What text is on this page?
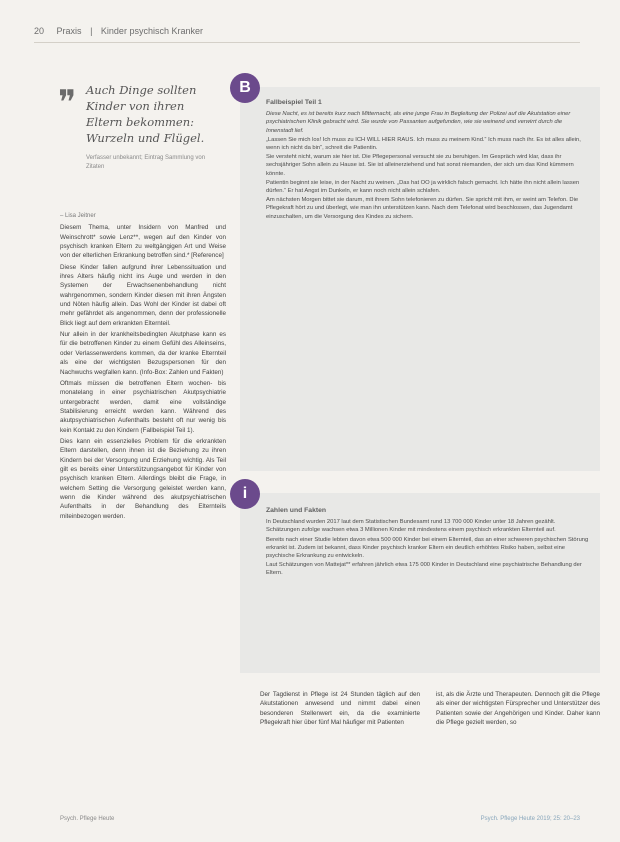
20 Praxis | Kinder psychisch Kranker
❞ Auch Dinge sollten Kinder von ihren Eltern bekommen: Wurzeln und Flügel.
Verfasser unbekannt; Eintrag Sammlung von Zitaten

– Lisa Jeitner

Diesem Thema, unter Insidern von Manfred und Weinschrott* sowie Lenz**, wegen auf den Kinder von psychisch kranken Eltern zu weltgängigen Art und Weise von der elterlichen Erkrankung betroffen sind.* [Reference]

Diese Kinder fallen aufgrund ihrer Lebenssituation und ihres Alters häufig nicht ins Auge und werden in den Systemen der Erwachsenenbehandlung nicht wahrgenommen, sondern Kinder diesen mit ihren Ängsten und Nöten häufig allein. Das Wohl der Kinder ist dabei oft mehr gefährdet als angenommen, denn der professionelle Blick liegt auf dem erkrankten Elternteil.

Nur allein in der krankheitsbedingten Akutphase kann es für die betroffenen Kinder zu einem Gefühl des Alleinseins, oder Verlassenwerdens kommen, da der kranke Elternteil als eine der wichtigsten Bezugspersonen für den Nachwuchs wegfallen kann. (Info-Box: Zahlen und Fakten)

Oftmals müssen die betroffenen Eltern wochen- bis monatelang in einer psychiatrischen Akutpsychiatrie untergebracht werden, damit eine vollständige Stabilisierung erreicht werden kann. Während des akutpsychiatrischen Aufenthalts besteht oft nur wenig bis kein Kontakt zu den Kindern (Fallbeispiel Teil 1).

Dies kann ein essenzielles Problem für die erkrankten Eltern darstellen, denn ihnen ist die Beziehung zu ihren Kindern bei der Versorgung und Erziehung wichtig. Als Teil gilt es bereits einer Unterstützungsangebot für Kinder von psychisch kranken Eltern. Allerdings bleibt die Frage, in welchem Setting die Versorgung geleistet werden kann, wenn die Kinder während des akutpsychiatrischen Aufenthalts in der Behandlung des Elternteils miteinbezogen werden.

B
Fallbeispiel Teil 1

Diese Nacht, es ist bereits kurz nach Mitternacht, als eine junge Frau in Begleitung der Polizei auf die Akutstation einer psychiatrischen Klinik gebracht wird. Sie wurde von Passanten aufgefunden, wie sie weinend und verwirrt durch die Innenstadt lief.

„Lassen Sie mich los! Ich muss zu ICH WILL HIER RAUS. Ich muss zu meinem Kind.“ Ich muss nach ihr. Es ist alles allein, wenn ich nicht da bin“, schreit die Patientin.

Sie versteht nicht, warum sie hier ist. Die Pflegepersonal versucht sie zu beruhigen. Im Gespräch wird klar, dass ihr sechsjähriger Sohn allein zu Hause ist. Sie ist alleinerziehend und hat sonst niemanden, der sich um das Kind kümmern könnte.

Patientin beginnt sie leise, in der Nacht zu weinen. „Das hat OO ja wirklich falsch gemacht. Ich hätte ihn nicht allein lassen dürfen.“ Er hat Angst im Dunkeln, er kann noch nicht allein schlafen.

Am nächsten Morgen bittet sie darum, mit ihrem Sohn telefonieren zu dürfen. Sie spricht mit ihm, er weint am Telefon. Die Pflegekraft hört zu und überlegt, wie man ihn unterstützen kann. Nach dem Telefonat wird beschlossen, das Jugendamt einzuschalten, um die Versorgung des Kindes zu sichern.

i
Zahlen und Fakten

In Deutschland wurden 2017 laut dem Statistischen Bundesamt rund 13 700 000 Kinder unter 18 Jahren gezählt. Schätzungen zufolge wachsen etwa 3 Millionen Kinder mit mindestens einem psychisch erkrankten Elternteil auf.

Bereits nach einer Studie lebten davon etwa 500 000 Kinder bei einem Elternteil, das an einer schweren psychischen Störung erkrankt ist. Zudem ist bekannt, dass Kinder psychisch kranker Eltern ein deutlich erhöhtes Risiko haben, selbst eine psychische Erkrankung zu entwickeln.

Laut Schätzungen von Mattejat** erfahren jährlich etwa 175 000 Kinder in Deutschland eine psychiatrische Behandlung der Eltern.

Der Tagdienst in Pflege ist 24 Stunden täglich auf den Akutstationen anwesend und nimmt dabei einen besonderen Stellenwert ein, da die examinierte Pflegekraft hier über fünf Mal häufiger mit Patienten
ist, als die Ärzte und Therapeuten. Dennoch gilt die Pflege als einer der wichtigsten Fürsprecher und Unterstützer des Patienten sowie der Angehörigen und Kinder. Daher kann die Pflege gezielt werden, so
Psych. Pflege Heute	Psych. Pflege Heute 2019; 25: 20–23
